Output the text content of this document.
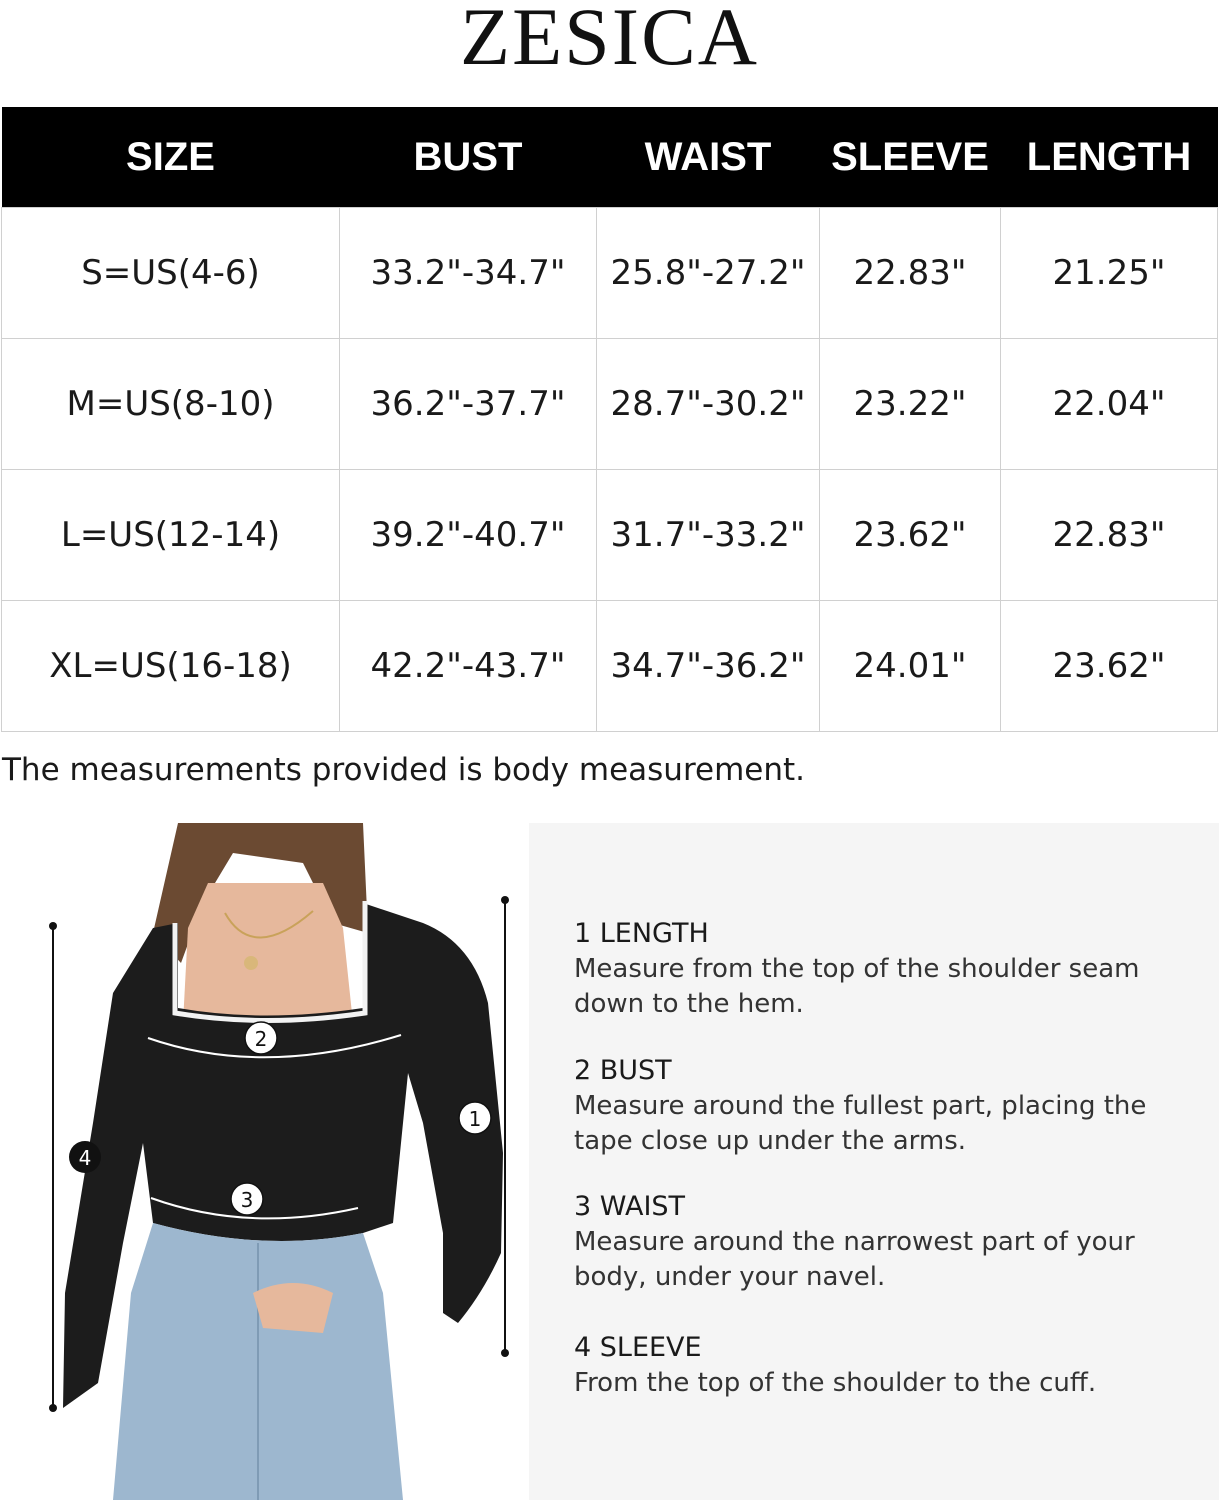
ZESICA
SIZE	BUST	WAIST	SLEEVE	LENGTH
S=US(4-6)	33.2"-34.7"	25.8"-27.2"	22.83"	21.25"
M=US(8-10)	36.2"-37.7"	28.7"-30.2"	23.22"	22.04"
L=US(12-14)	39.2"-40.7"	31.7"-33.2"	23.62"	22.83"
XL=US(16-18)	42.2"-43.7"	34.7"-36.2"	24.01"	23.62"
The measurements provided is body measurement.
1
2
3
4
1 LENGTH
Measure from the top of the shoulder seam down to the hem.
2 BUST
Measure around the fullest part, placing the tape close up under the arms.
3 WAIST
Measure around the narrowest part of your body, under your navel.
4 SLEEVE
From the top of the shoulder to the cuff.
